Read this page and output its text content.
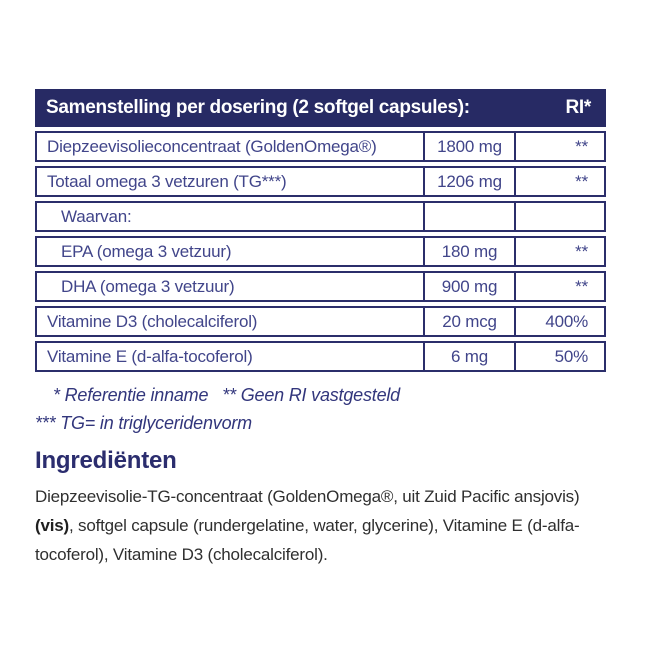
Samenstelling per dosering (2 softgel capsules):	RI*
Diepzeevisolieconcentraat (GoldenOmega®)	1800 mg	**
Totaal omega 3 vetzuren (TG***)	1206 mg	**
Waarvan:
EPA (omega 3 vetzuur)	180 mg	**
DHA (omega 3 vetzuur)	900 mg	**
Vitamine D3 (cholecalciferol)	20 mcg	400%
Vitamine E (d-alfa-tocoferol)	6 mg	50%
* Referentie inname ** Geen RI vastgesteld
*** TG= in triglyceridenvorm
Ingrediënten

Diepzeevisolie-TG-concentraat (GoldenOmega®, uit Zuid Pacific ansjovis) (vis), softgel capsule (rundergelatine, water, glycerine), Vitamine E (d-alfa-tocoferol), Vitamine D3 (cholecalciferol).
